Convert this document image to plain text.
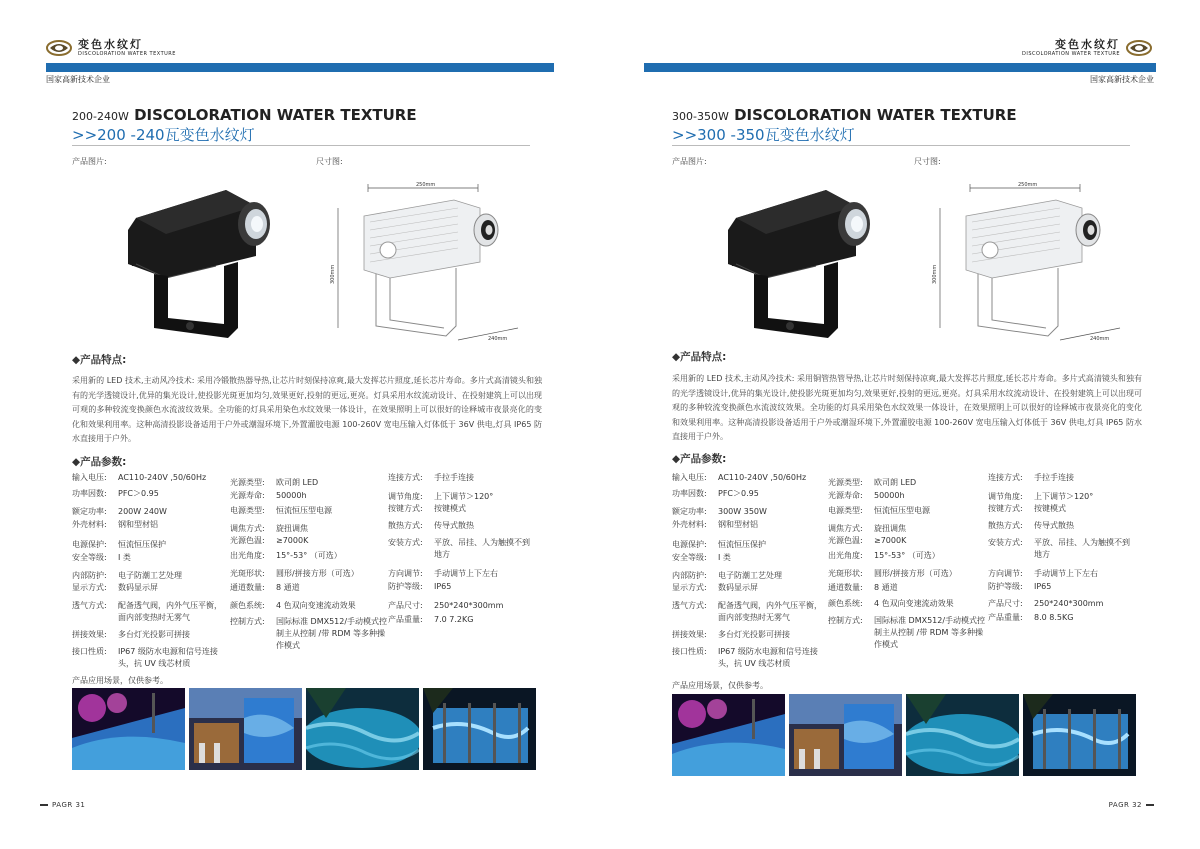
变色水纹灯
DISCOLORATION WATER TEXTURE
国家高新技术企业
200-240W DISCOLORATION WATER TEXTURE
>>200 -240瓦变色水纹灯
产品图片:	尺寸图:
250mm
300mm
240mm
◆产品特点:
采用新的 LED 技术,主动风冷技术: 采用冷锻散热器导热,让芯片时刻保持凉爽,最大发挥芯片照度,延长芯片寿命。多片式高清镜头和独有的光学透镜设计,优异的集光设计,使投影光斑更加均匀,效果更好,投射的更远,更亮。灯具采用水纹流动设计、在投射建筑上可以出现可观的多种较流变换颜色水流波纹效果。全功能的灯具采用染色水纹效果一体设计，在效果照明上可以很好的诠释城市夜景亮化的变化和效果利用率。这种高清投影设备适用于户外或潮湿环境下,外置灌胶电源 100-260V 宽电压输入灯体低于 36V 供电,灯具 IP65 防水直接用于户外。
◆产品参数:
输入电压: AC110-240V ,50/60Hz
功率因数: PFC＞0.95
额定功率: 200W 240W
外壳材料: 钢和型材铝
电源保护: 恒流恒压保护
安全等级: I 类
内部防护: 电子防潮工艺处理
显示方式: 数码显示屏
透气方式: 配备透气阀，内外气压平衡，面内部变热时无雾气
拼接效果: 多台灯光投影可拼接
接口性质: IP67 级防水电源和信号连接头，抗 UV 线芯材质
光源类型: 欧司朗 LED
光源寿命: 50000h
电源类型: 恒流恒压型电源
调焦方式: 旋扭调焦
光源色温: ≥7000K
出光角度: 15°-53° （可选）
光斑形状: 圆形/拼接方形（可选）
通道数量: 8 通道
颜色系统: 4 色双向变速流动效果
控制方式: 国际标准 DMX512/手动模式控制主从控制 /带 RDM 等多种操作模式
连接方式: 手拉手连接
调节角度: 上下调节＞120°
按键方式: 按键模式
散热方式: 传导式散热
安装方式: 平放、吊挂、人为触摸不到地方
方向调节: 手动调节上下左右
防护等级: IP65
产品尺寸: 250*240*300mm
产品重量: 7.0 7.2KG
产品应用场景，仅供参考。
PAGR 31
变色水纹灯
DISCOLORATION WATER TEXTURE
国家高新技术企业
300-350W DISCOLORATION WATER TEXTURE
>>300 -350瓦变色水纹灯
产品图片:	尺寸图:
250mm
300mm
240mm
◆产品特点:
采用新的 LED 技术,主动风冷技术: 采用铜管热管导热,让芯片时刻保持凉爽,最大发挥芯片照度,延长芯片寿命。多片式高清镜头和独有的光学透镜设计,优异的集光设计,使投影光斑更加均匀,效果更好,投射的更远,更亮。灯具采用水纹流动设计、在投射建筑上可以出现可观的多种较流变换颜色水流波纹效果。全功能的灯具采用染色水纹效果一体设计，在效果照明上可以很好的诠释城市夜景亮化的变化和效果利用率。这种高清投影设备适用于户外或潮湿环境下,外置灌胶电源 100-260V 宽电压输入灯体低于 36V 供电,灯具 IP65 防水直接用于户外。
◆产品参数:
输入电压: AC110-240V ,50/60Hz
功率因数: PFC＞0.95
额定功率: 300W 350W
外壳材料: 钢和型材铝
电源保护: 恒流恒压保护
安全等级: I 类
内部防护: 电子防潮工艺处理
显示方式: 数码显示屏
透气方式: 配备透气阀，内外气压平衡，面内部变热时无雾气
拼接效果: 多台灯光投影可拼接
接口性质: IP67 级防水电源和信号连接头，抗 UV 线芯材质
光源类型: 欧司朗 LED
光源寿命: 50000h
电源类型: 恒流恒压型电源
调焦方式: 旋扭调焦
光源色温: ≥7000K
出光角度: 15°-53° （可选）
光斑形状: 圆形/拼接方形（可选）
通道数量: 8 通道
颜色系统: 4 色双向变速流动效果
控制方式: 国际标准 DMX512/手动模式控制主从控制 /带 RDM 等多种操作模式
连接方式: 手拉手连接
调节角度: 上下调节＞120°
按键方式: 按键模式
散热方式: 传导式散热
安装方式: 平放、吊挂、人为触摸不到地方
方向调节: 手动调节上下左右
防护等级: IP65
产品尺寸: 250*240*300mm
产品重量: 8.0 8.5KG
产品应用场景，仅供参考。
PAGR 32
